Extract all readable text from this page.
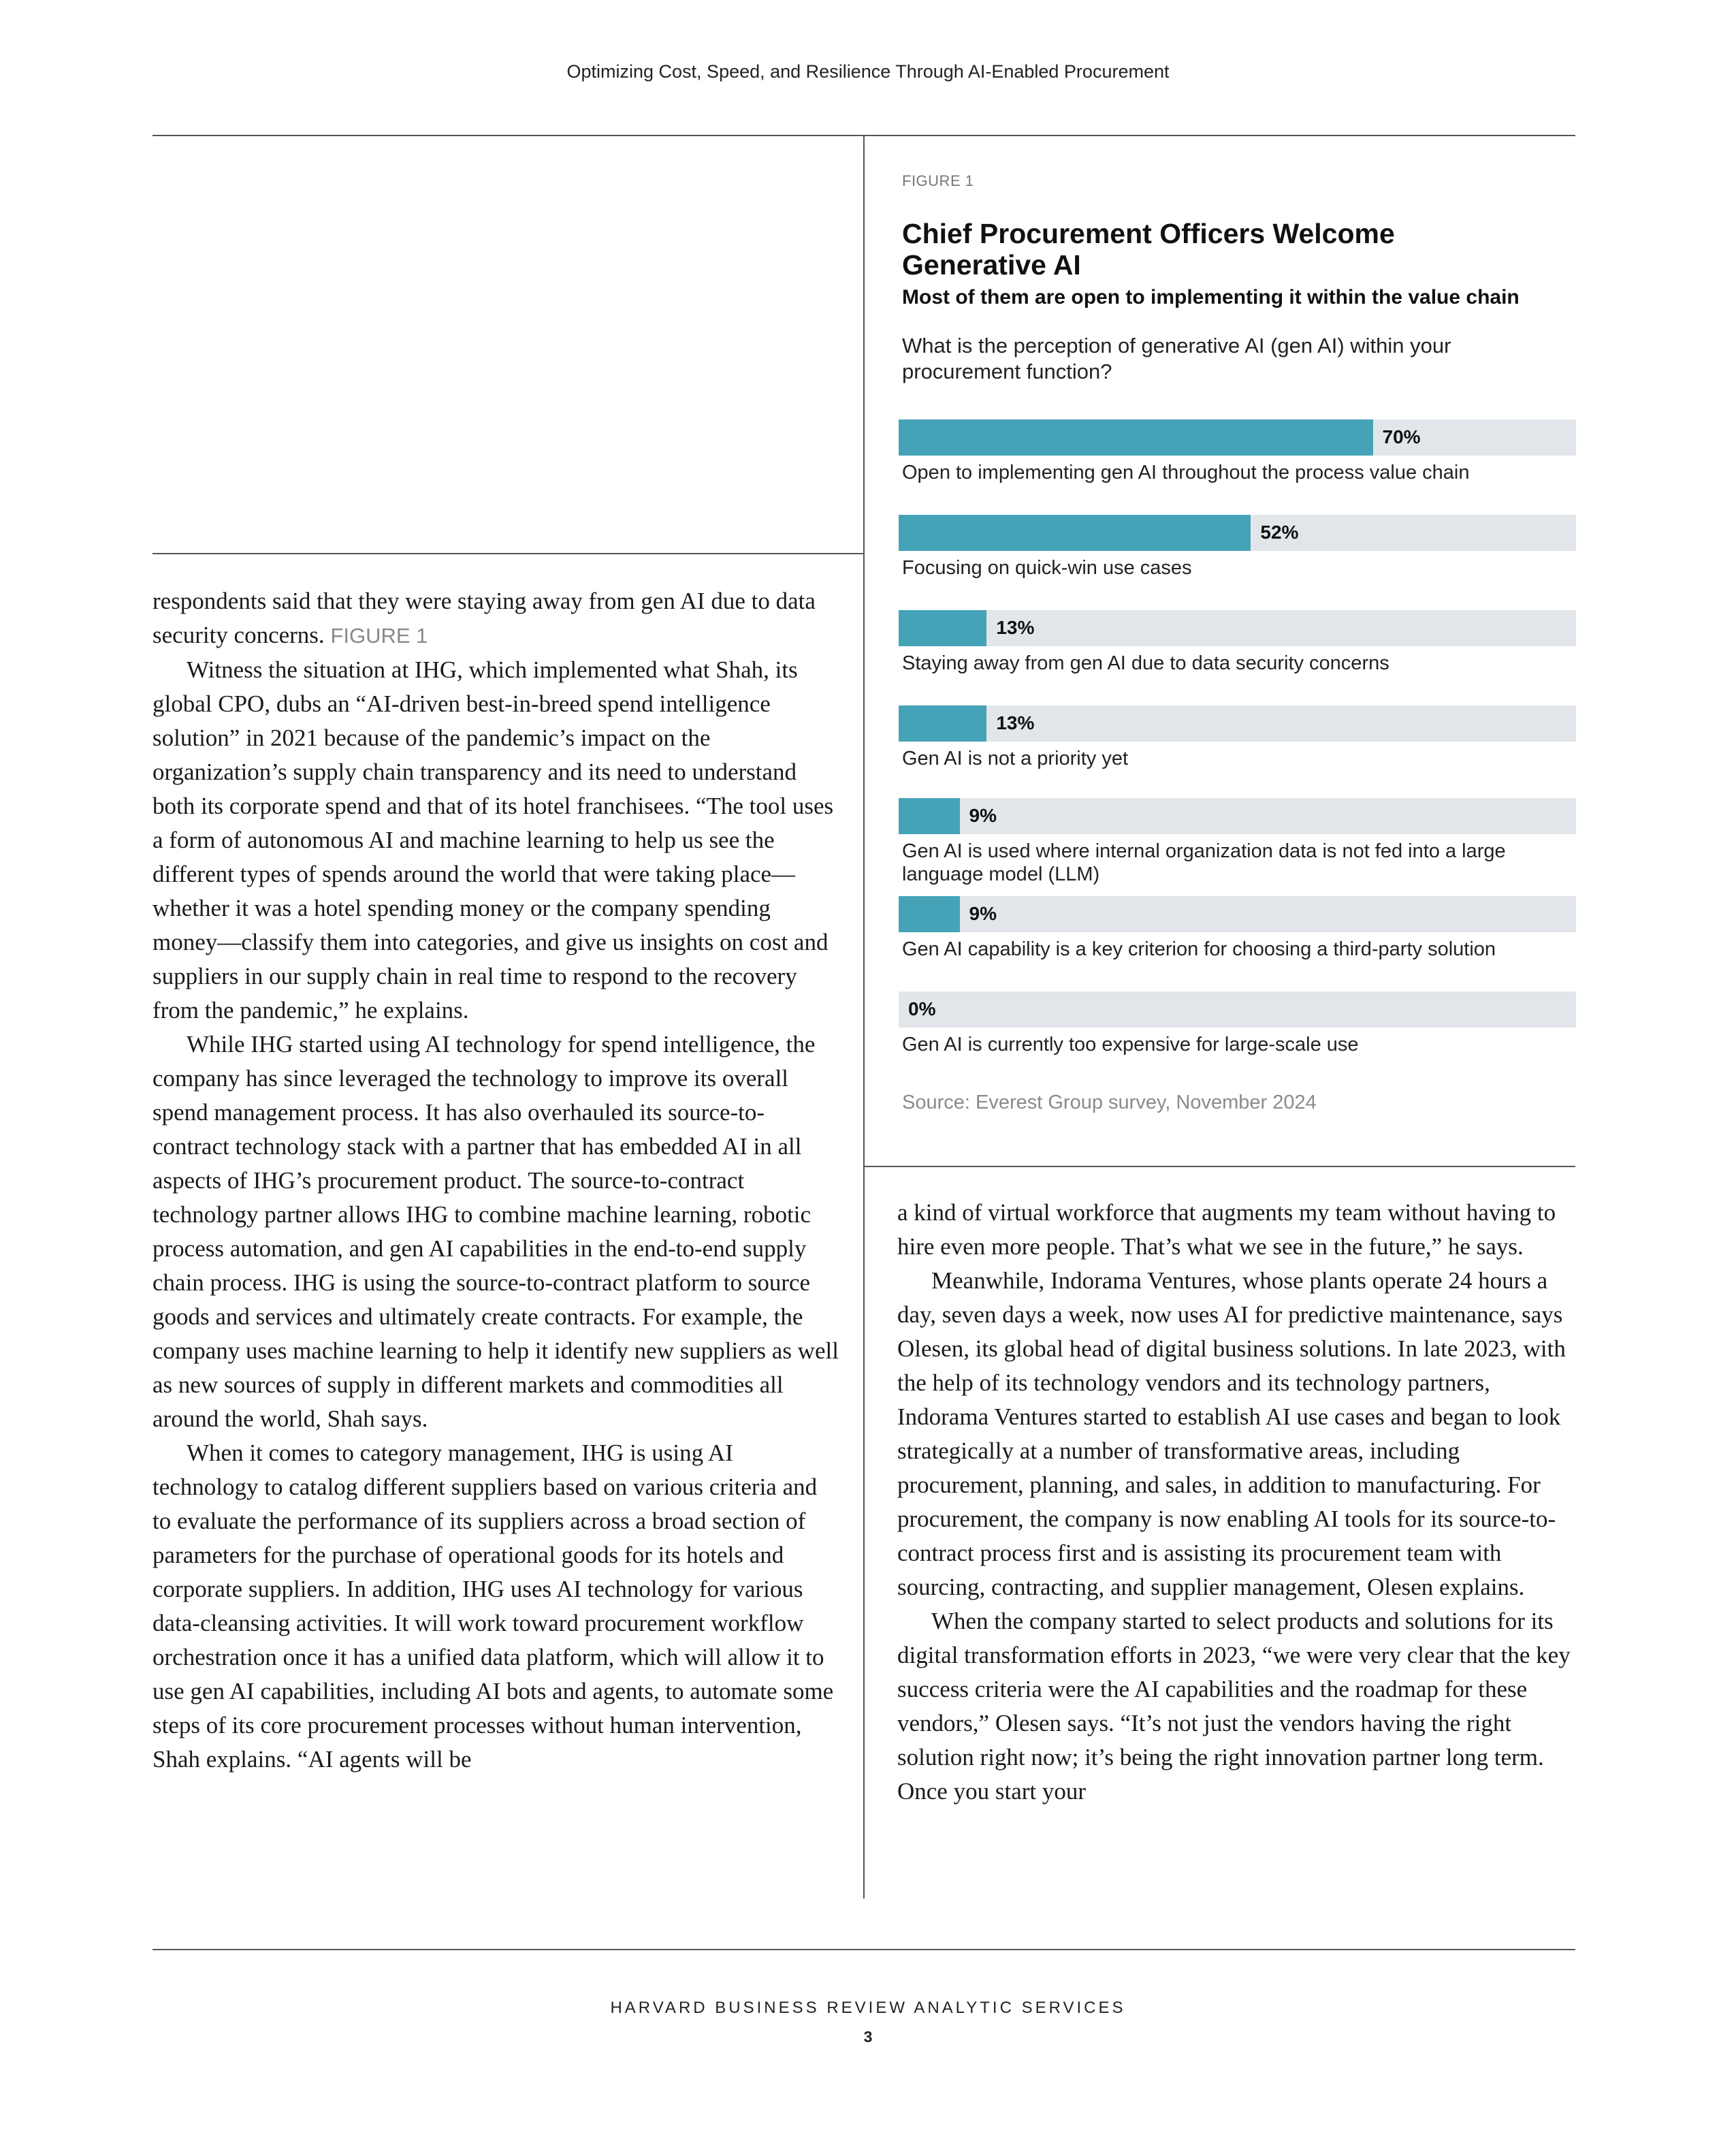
Optimizing Cost, Speed, and Resilience Through AI-Enabled Procurement
FIGURE 1
Chief Procurement Officers Welcome Generative AI
Most of them are open to implementing it within the value chain
What is the perception of generative AI (gen AI) within your procurement function?
70%
Open to implementing gen AI throughout the process value chain
52%
Focusing on quick-win use cases
13%
Staying away from gen AI due to data security concerns
13%
Gen AI is not a priority yet
9%
Gen AI is used where internal organization data is not fed into a large language model (LLM)
9%
Gen AI capability is a key criterion for choosing a third-party solution
0%
Gen AI is currently too expensive for large-scale use
Source: Everest Group survey, November 2024

respondents said that they were staying away from gen AI due to data security concerns. FIGURE 1

Witness the situation at IHG, which implemented what Shah, its global CPO, dubs an “AI-driven best-in-breed spend intelligence solution” in 2021 because of the pandemic’s impact on the organization’s supply chain transparency and its need to understand both its corporate spend and that of its hotel franchisees. “The tool uses a form of autonomous AI and machine learning to help us see the different types of spends around the world that were taking place—whether it was a hotel spending money or the company spending money—classify them into categories, and give us insights on cost and suppliers in our supply chain in real time to respond to the recovery from the pandemic,” he explains.

While IHG started using AI technology for spend intelligence, the company has since leveraged the technology to improve its overall spend management process. It has also overhauled its source-to-contract technology stack with a partner that has embedded AI in all aspects of IHG’s procurement product. The source-to-contract technology partner allows IHG to combine machine learning, robotic process automation, and gen AI capabilities in the end-to-end supply chain process. IHG is using the source-to-contract platform to source goods and services and ultimately create contracts. For example, the company uses machine learning to help it identify new suppliers as well as new sources of supply in different markets and commodities all around the world, Shah says.

When it comes to category management, IHG is using AI technology to catalog different suppliers based on various criteria and to evaluate the performance of its suppliers across a broad section of parameters for the purchase of operational goods for its hotels and corporate suppliers. In addition, IHG uses AI technology for various data-cleansing activities. It will work toward procurement workflow orchestration once it has a unified data platform, which will allow it to use gen AI capabilities, including AI bots and agents, to automate some steps of its core procurement processes without human intervention, Shah explains. “AI agents will be

a kind of virtual workforce that augments my team without having to hire even more people. That’s what we see in the future,” he says.

Meanwhile, Indorama Ventures, whose plants operate 24 hours a day, seven days a week, now uses AI for predictive maintenance, says Olesen, its global head of digital business solutions. In late 2023, with the help of its technology vendors and its technology partners, Indorama Ventures started to establish AI use cases and began to look strategically at a number of transformative areas, including procurement, planning, and sales, in addition to manufacturing. For procurement, the company is now enabling AI tools for its source-to-contract process first and is assisting its procurement team with sourcing, contracting, and supplier management, Olesen explains.

When the company started to select products and solutions for its digital transformation efforts in 2023, “we were very clear that the key success criteria were the AI capabilities and the roadmap for these vendors,” Olesen says. “It’s not just the vendors having the right solution right now; it’s being the right innovation partner long term. Once you start your

HARVARD BUSINESS REVIEW ANALYTIC SERVICES
3
